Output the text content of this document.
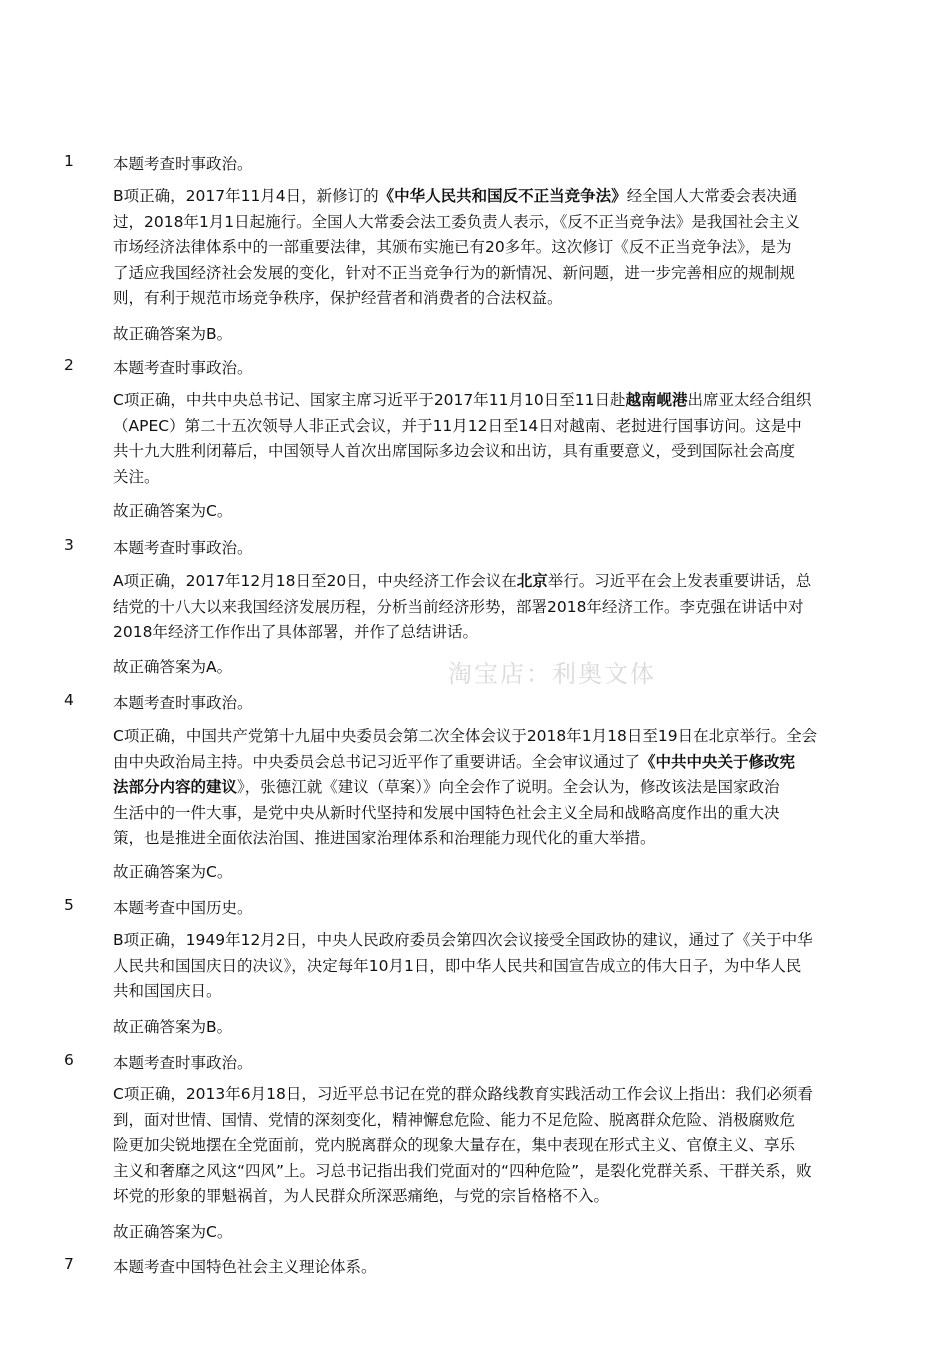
1	本题考查时事政治。
B项正确，2017年11月4日，新修订的《中华人民共和国反不正当竞争法》经全国人大常委会表决通
过，2018年1月1日起施行。全国人大常委会法工委负责人表示，《反不正当竞争法》是我国社会主义
市场经济法律体系中的一部重要法律，其颁布实施已有20多年。这次修订《反不正当竞争法》，是为
了适应我国经济社会发展的变化，针对不正当竞争行为的新情况、新问题，进一步完善相应的规制规
则，有利于规范市场竞争秩序，保护经营者和消费者的合法权益。
故正确答案为B。
2	本题考查时事政治。
C项正确，中共中央总书记、国家主席习近平于2017年11月10日至11日赴越南岘港出席亚太经合组织
（APEC）第二十五次领导人非正式会议，并于11月12日至14日对越南、老挝进行国事访问。这是中
共十九大胜利闭幕后，中国领导人首次出席国际多边会议和出访，具有重要意义，受到国际社会高度
关注。
故正确答案为C。
3	本题考查时事政治。
A项正确，2017年12月18日至20日，中央经济工作会议在北京举行。习近平在会上发表重要讲话，总
结党的十八大以来我国经济发展历程，分析当前经济形势，部署2018年经济工作。李克强在讲话中对
2018年经济工作作出了具体部署，并作了总结讲话。
故正确答案为A。
4	本题考查时事政治。
C项正确，中国共产党第十九届中央委员会第二次全体会议于2018年1月18日至19日在北京举行。全会
由中央政治局主持。中央委员会总书记习近平作了重要讲话。全会审议通过了《中共中央关于修改宪
法部分内容的建议》，张德江就《建议（草案）》向全会作了说明。全会认为，修改该法是国家政治
生活中的一件大事，是党中央从新时代坚持和发展中国特色社会主义全局和战略高度作出的重大决
策，也是推进全面依法治国、推进国家治理体系和治理能力现代化的重大举措。
故正确答案为C。
5	本题考查中国历史。
B项正确，1949年12月2日，中央人民政府委员会第四次会议接受全国政协的建议，通过了《关于中华
人民共和国国庆日的决议》，决定每年10月1日，即中华人民共和国宣告成立的伟大日子，为中华人民
共和国国庆日。
故正确答案为B。
6	本题考查时事政治。
C项正确，2013年6月18日，习近平总书记在党的群众路线教育实践活动工作会议上指出：我们必须看
到，面对世情、国情、党情的深刻变化，精神懈怠危险、能力不足危险、脱离群众危险、消极腐败危
险更加尖锐地摆在全党面前，党内脱离群众的现象大量存在，集中表现在形式主义、官僚主义、享乐
主义和奢靡之风这“四风”上。习总书记指出我们党面对的“四种危险”，是裂化党群关系、干群关系，败
坏党的形象的罪魁祸首，为人民群众所深恶痛绝，与党的宗旨格格不入。
故正确答案为C。
7	本题考查中国特色社会主义理论体系。
淘宝店：利奥文体
